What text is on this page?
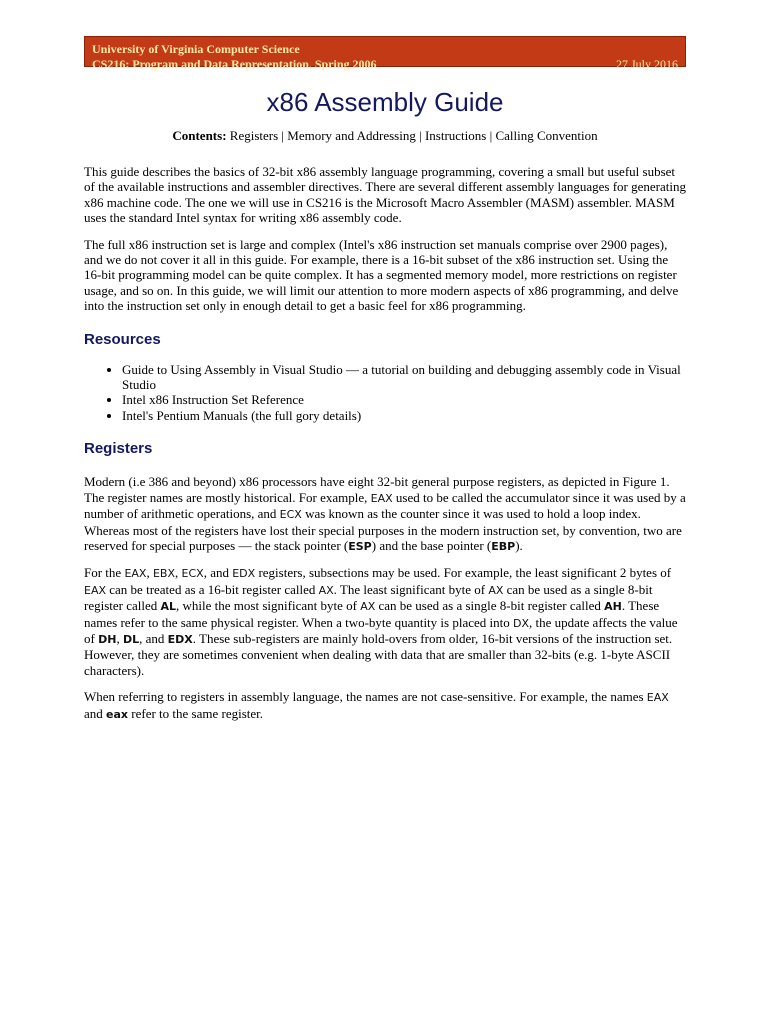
University of Virginia Computer Science
CS216: Program and Data Representation, Spring 2006	27 July 2016
x86 Assembly Guide
Contents: Registers | Memory and Addressing | Instructions | Calling Convention

This guide describes the basics of 32-bit x86 assembly language programming, covering a small but useful subset of the available instructions and assembler directives. There are several different assembly languages for generating x86 machine code. The one we will use in CS216 is the Microsoft Macro Assembler (MASM) assembler. MASM uses the standard Intel syntax for writing x86 assembly code.

The full x86 instruction set is large and complex (Intel's x86 instruction set manuals comprise over 2900 pages), and we do not cover it all in this guide. For example, there is a 16-bit subset of the x86 instruction set. Using the 16-bit programming model can be quite complex. It has a segmented memory model, more restrictions on register usage, and so on. In this guide, we will limit our attention to more modern aspects of x86 programming, and delve into the instruction set only in enough detail to get a basic feel for x86 programming.

Resources
• Guide to Using Assembly in Visual Studio — a tutorial on building and debugging assembly code in Visual Studio
• Intel x86 Instruction Set Reference
• Intel's Pentium Manuals (the full gory details)
Registers

Modern (i.e 386 and beyond) x86 processors have eight 32-bit general purpose registers, as depicted in Figure 1. The register names are mostly historical. For example, EAX used to be called the accumulator since it was used by a number of arithmetic operations, and ECX was known as the counter since it was used to hold a loop index. Whereas most of the registers have lost their special purposes in the modern instruction set, by convention, two are reserved for special purposes — the stack pointer (ESP) and the base pointer (EBP).

For the EAX, EBX, ECX, and EDX registers, subsections may be used. For example, the least significant 2 bytes of EAX can be treated as a 16-bit register called AX. The least significant byte of AX can be used as a single 8-bit register called AL, while the most significant byte of AX can be used as a single 8-bit register called AH. These names refer to the same physical register. When a two-byte quantity is placed into DX, the update affects the value of DH, DL, and EDX. These sub-registers are mainly hold-overs from older, 16-bit versions of the instruction set. However, they are sometimes convenient when dealing with data that are smaller than 32-bits (e.g. 1-byte ASCII characters).

When referring to registers in assembly language, the names are not case-sensitive. For example, the names EAX and eax refer to the same register.
